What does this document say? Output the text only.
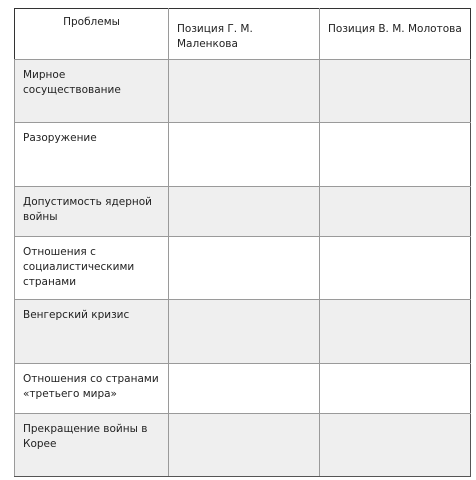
Проблемы	Позиция Г. М. Маленкова	Позиция В. М. Молотова
Мирное сосуществование		
Разоружение		
Допустимость ядерной войны		
Отношения с социалистическими странами		
Венгерский кризис		
Отношения со странами «третьего мира»		
Прекращение войны в Корее		
